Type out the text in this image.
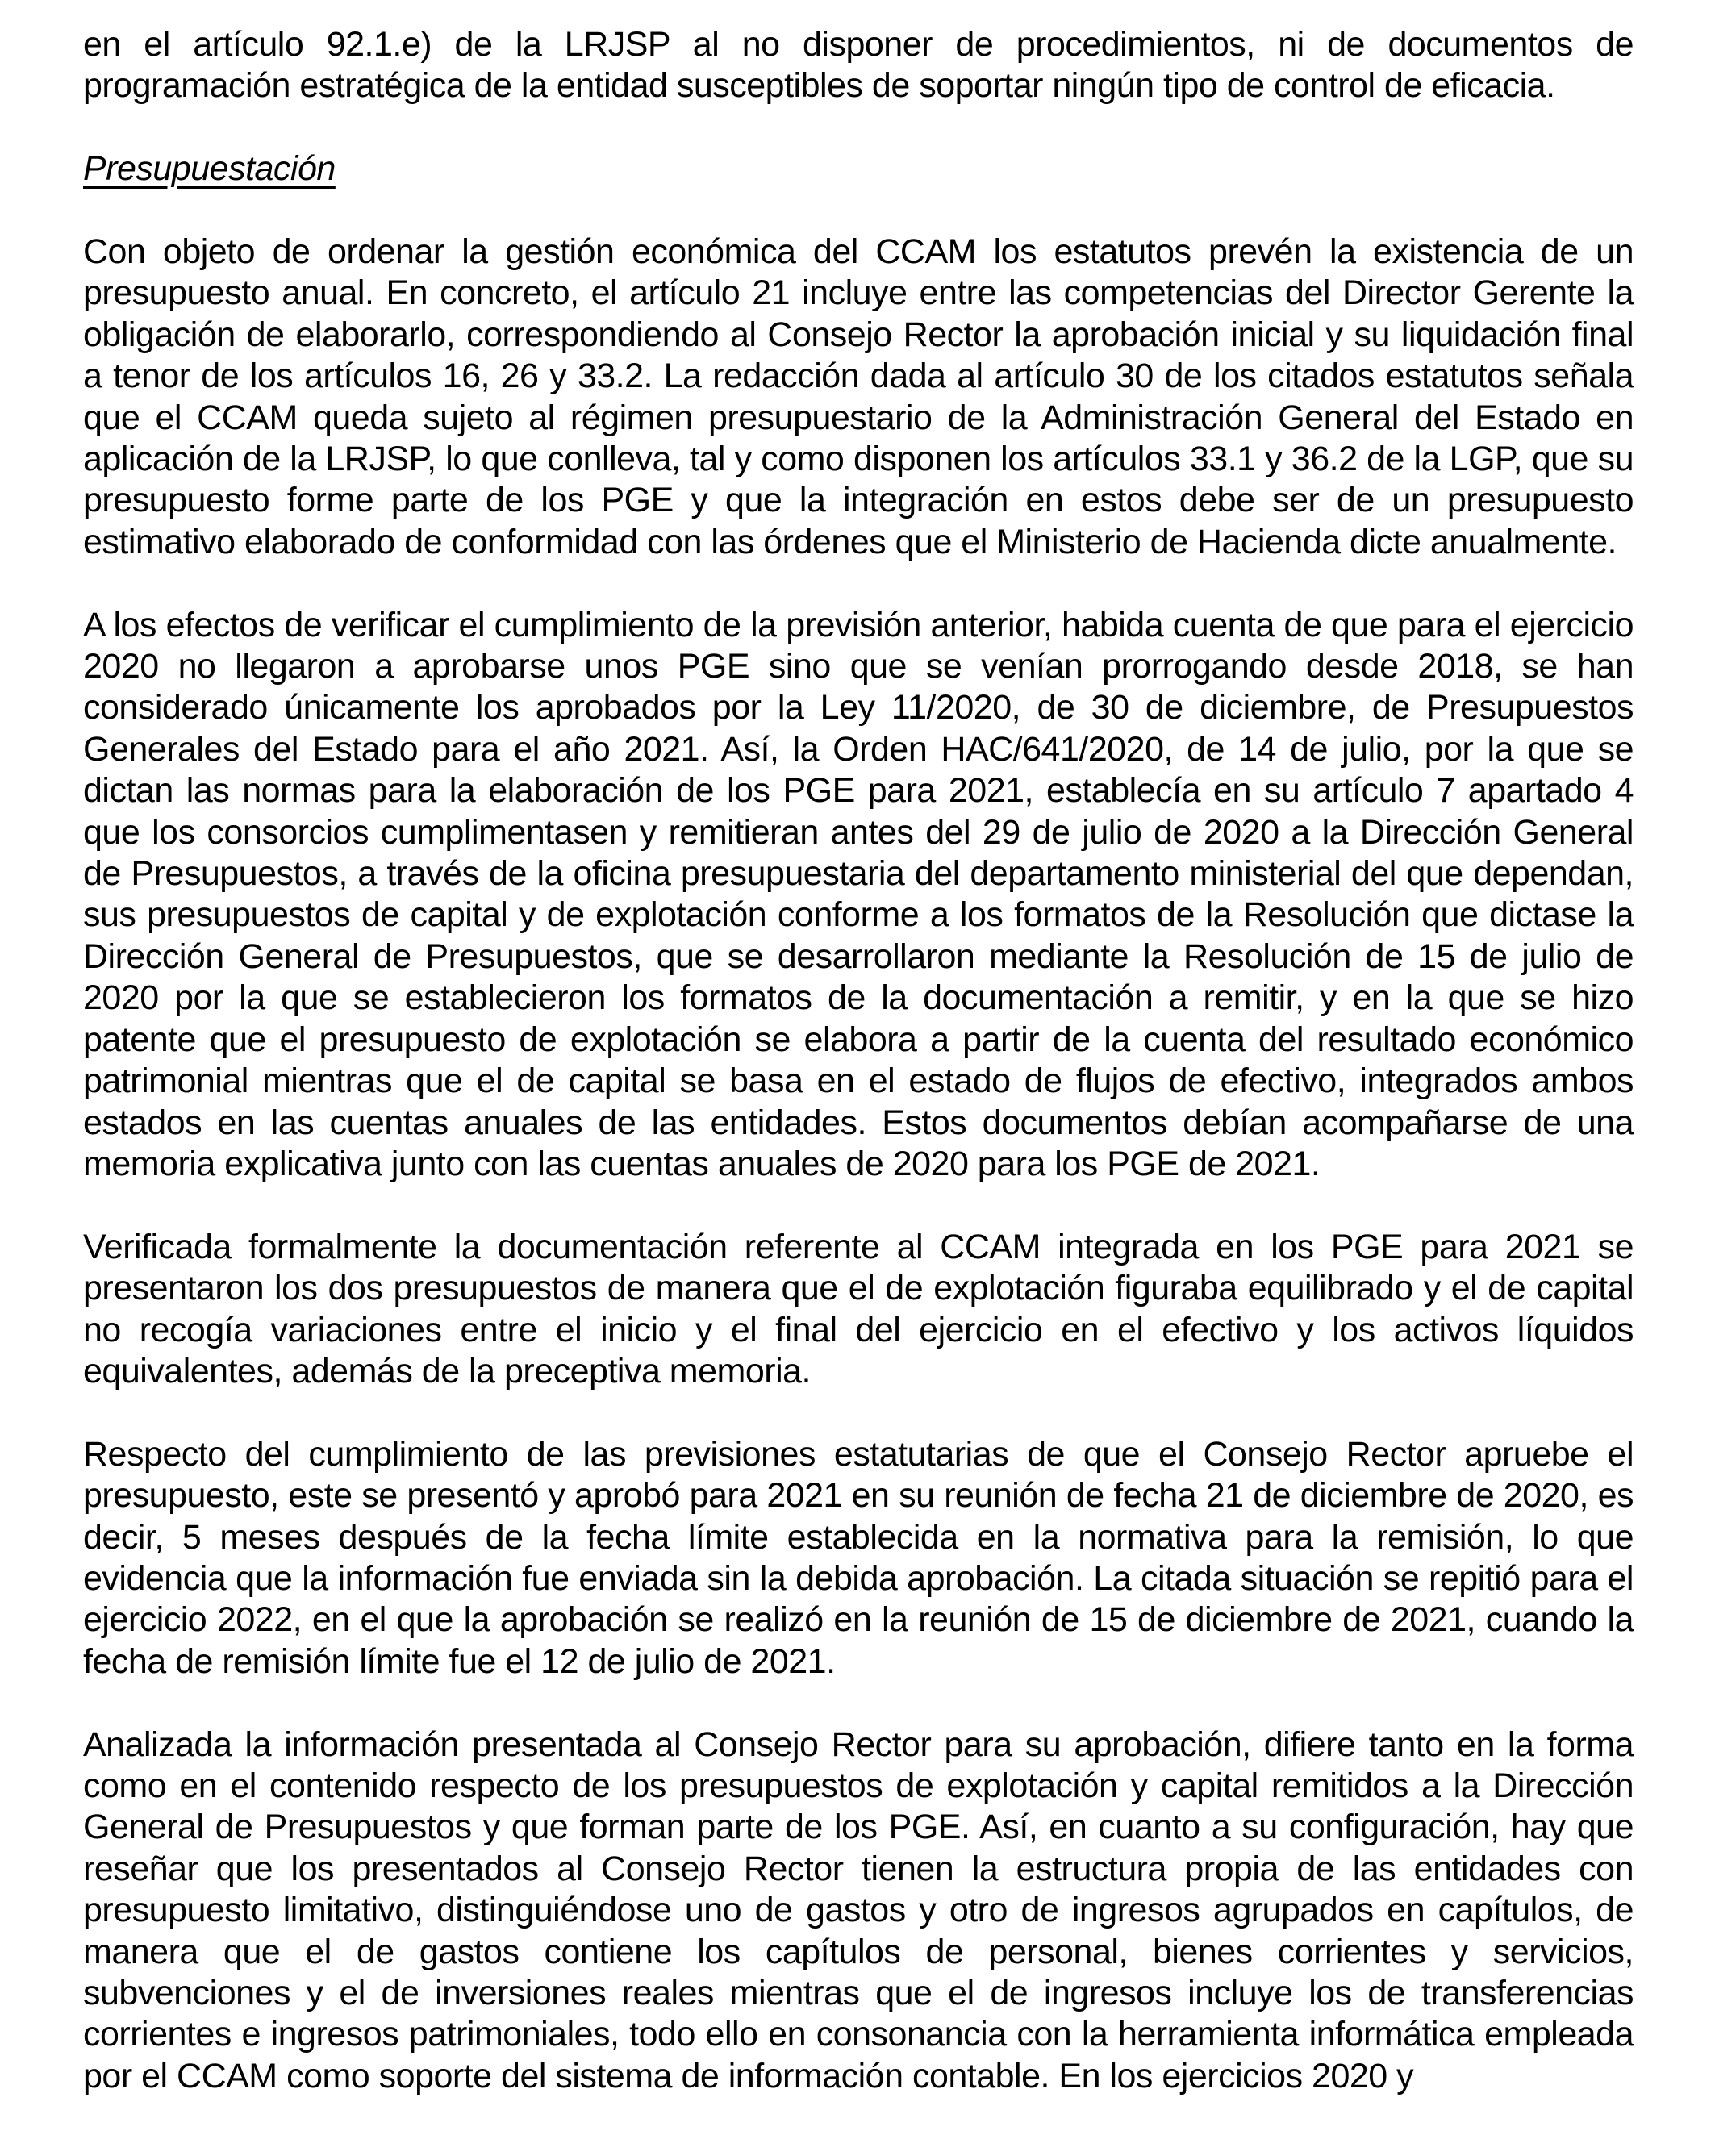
en el artículo 92.1.e) de la LRJSP al no disponer de procedimientos, ni de documentos de programación estratégica de la entidad susceptibles de soportar ningún tipo de control de eficacia.

Presupuestación

Con objeto de ordenar la gestión económica del CCAM los estatutos prevén la existencia de un presupuesto anual. En concreto, el artículo 21 incluye entre las competencias del Director Gerente la obligación de elaborarlo, correspondiendo al Consejo Rector la aprobación inicial y su liquidación final a tenor de los artículos 16, 26 y 33.2. La redacción dada al artículo 30 de los citados estatutos señala que el CCAM queda sujeto al régimen presupuestario de la Administración General del Estado en aplicación de la LRJSP, lo que conlleva, tal y como disponen los artículos 33.1 y 36.2 de la LGP, que su presupuesto forme parte de los PGE y que la integración en estos debe ser de un presupuesto estimativo elaborado de conformidad con las órdenes que el Ministerio de Hacienda dicte anualmente.

A los efectos de verificar el cumplimiento de la previsión anterior, habida cuenta de que para el ejercicio 2020 no llegaron a aprobarse unos PGE sino que se venían prorrogando desde 2018, se han considerado únicamente los aprobados por la Ley 11/2020, de 30 de diciembre, de Presupuestos Generales del Estado para el año 2021. Así, la Orden HAC/641/2020, de 14 de julio, por la que se dictan las normas para la elaboración de los PGE para 2021, establecía en su artículo 7 apartado 4 que los consorcios cumplimentasen y remitieran antes del 29 de julio de 2020 a la Dirección General de Presupuestos, a través de la oficina presupuestaria del departamento ministerial del que dependan, sus presupuestos de capital y de explotación conforme a los formatos de la Resolución que dictase la Dirección General de Presupuestos, que se desarrollaron mediante la Resolución de 15 de julio de 2020 por la que se establecieron los formatos de la documentación a remitir, y en la que se hizo patente que el presupuesto de explotación se elabora a partir de la cuenta del resultado económico patrimonial mientras que el de capital se basa en el estado de flujos de efectivo, integrados ambos estados en las cuentas anuales de las entidades. Estos documentos debían acompañarse de una memoria explicativa junto con las cuentas anuales de 2020 para los PGE de 2021.

Verificada formalmente la documentación referente al CCAM integrada en los PGE para 2021 se presentaron los dos presupuestos de manera que el de explotación figuraba equilibrado y el de capital no recogía variaciones entre el inicio y el final del ejercicio en el efectivo y los activos líquidos equivalentes, además de la preceptiva memoria.

Respecto del cumplimiento de las previsiones estatutarias de que el Consejo Rector apruebe el presupuesto, este se presentó y aprobó para 2021 en su reunión de fecha 21 de diciembre de 2020, es decir, 5 meses después de la fecha límite establecida en la normativa para la remisión, lo que evidencia que la información fue enviada sin la debida aprobación. La citada situación se repitió para el ejercicio 2022, en el que la aprobación se realizó en la reunión de 15 de diciembre de 2021, cuando la fecha de remisión límite fue el 12 de julio de 2021.

Analizada la información presentada al Consejo Rector para su aprobación, difiere tanto en la forma como en el contenido respecto de los presupuestos de explotación y capital remitidos a la Dirección General de Presupuestos y que forman parte de los PGE. Así, en cuanto a su configuración, hay que reseñar que los presentados al Consejo Rector tienen la estructura propia de las entidades con presupuesto limitativo, distinguiéndose uno de gastos y otro de ingresos agrupados en capítulos, de manera que el de gastos contiene los capítulos de personal, bienes corrientes y servicios, subvenciones y el de inversiones reales mientras que el de ingresos incluye los de transferencias corrientes e ingresos patrimoniales, todo ello en consonancia con la herramienta informática empleada por el CCAM como soporte del sistema de información contable. En los ejercicios 2020 y
